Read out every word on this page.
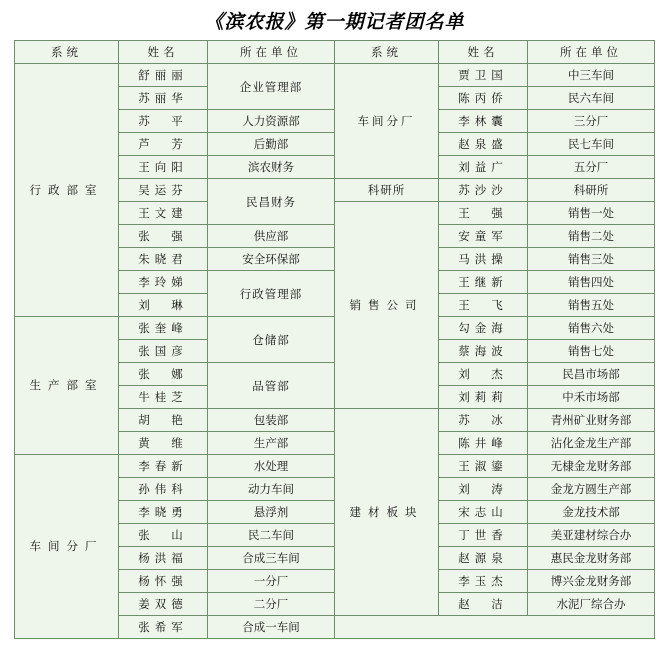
《滨农报》第一期记者团名单
系统	姓名	所在单位	系统	姓名	所在单位
行政部室	舒丽丽	企业管理部	车间分厂	贾卫国	中三车间
	苏丽华			陈丙侨	民六车间
	苏　平	人力资源部		李林囊	三分厂
	芦　芳	后勤部		赵泉盛	民七车间
	王向阳	滨农财务		刘益广	五分厂
	吴运芬	民昌财务	科研所	苏沙沙	科研所
	王文建		销售公司	王　强	销售一处
	张　强	供应部		安童军	销售二处
	朱晓君	安全环保部		马洪操	销售三处
	李玲娣	行政管理部		王继新	销售四处
	刘　琳			王　飞	销售五处
生产部室	张奎峰	仓储部		勾金海	销售六处
	张国彦			蔡海波	销售七处
	张　娜	品管部		刘　杰	民昌市场部
	牛桂芝			刘莉莉	中禾市场部
	胡　艳	包装部	建材板块	苏　冰	青州矿业财务部
	黄　维	生产部		陈井峰	沾化金龙生产部
车间分厂	李春新	水处理		王淑鎏	无棣金龙财务部
	孙伟科	动力车间		刘　涛	金龙方圆生产部
	李晓勇	悬浮剂		宋志山	金龙技术部
	张　山	民二车间		丁世香	美亚建材综合办
	杨洪福	合成三车间		赵源泉	惠民金龙财务部
	杨怀强	一分厂		李玉杰	博兴金龙财务部
	姜双德	二分厂		赵　洁	水泥厂综合办
	张希军	合成一车间			
